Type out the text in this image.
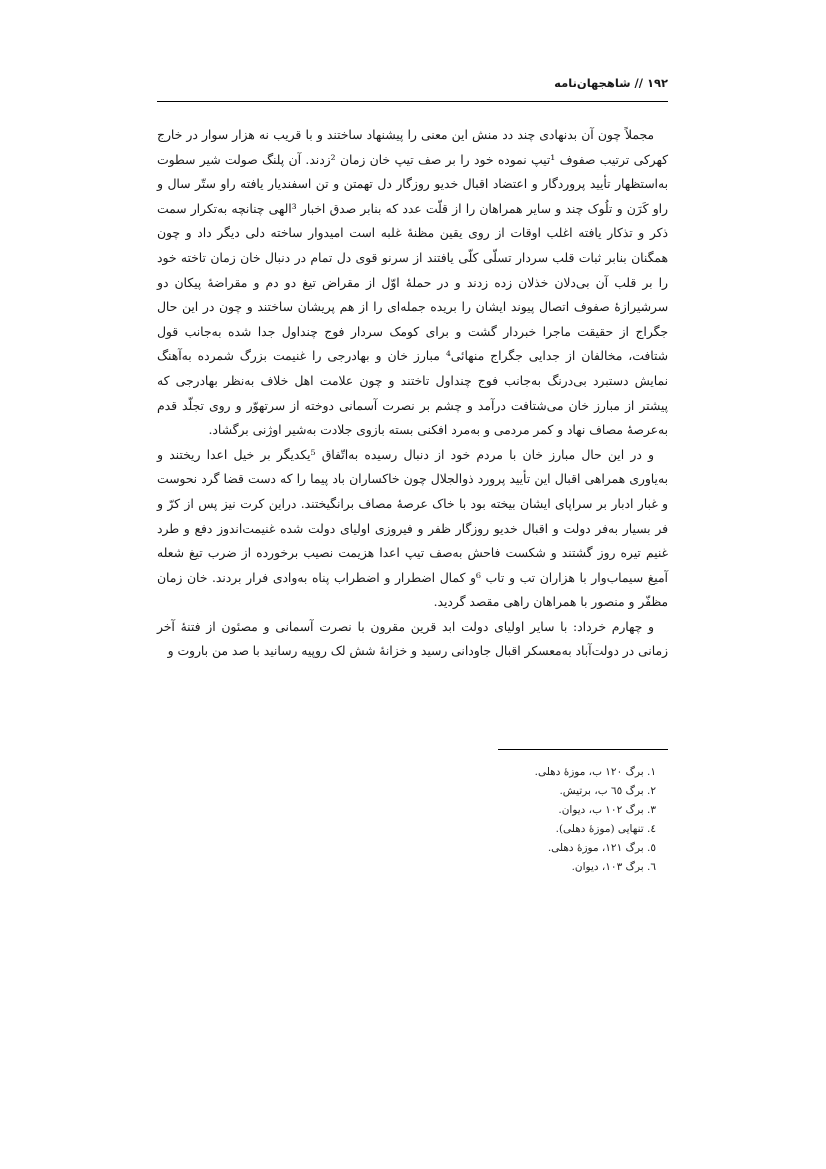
١٩٢ // شاهجهان‌نامه

مجملاً چون آن بدنهادی چند دد منش این معنی را پیشنهاد ساختند و با قریب نه هزار سوار در خارج کهرکی ترتیب صفوف ¹تیپ نموده خود را بر صف تیپ خان زمان ²زدند. آن پلنگ صولت شیر سطوت به‌استظهار تأیید پروردگار و اعتضاد اقبال خدیو روزگار دل تهمتن و تن اسفندیار یافته راو ستّر سال و راو کَرَن و تلُوک چند و سایر همراهان را از قلّت عدد که بنابر صدق اخبار ³الهی چنانچه به‌تکرار سمت ذکر و تذکار یافته اغلب اوقات از روی یقین مظنهٔ غلبه است امیدوار ساخته دلی دیگر داد و چون همگنان بنابر ثبات قلب سردار تسلّی کلّی یافتند از سرنو قوی دل تمام در دنبال خان زمان تاخته خود را بر قلب آن بی‌دلان خذلان زده زدند و در حملهٔ اوّل از مقراض تیغ دو دم و مقراضهٔ پیکان دو سرشیرازهٔ صفوف اتصال پیوند ایشان را بریده جمله‌ای را از هم پریشان ساختند و چون در این حال جگراج از حقیقت ماجرا خبردار گشت و برای کومک سردار فوج چنداول جدا شده به‌جانب قول شتافت، مخالفان از جدایی جگراج منهائی⁴ مبارز خان و بهادرجی را غنیمت بزرگ شمرده به‌آهنگ نمایش دستبرد بی‌درنگ به‌جانب فوج چنداول تاختند و چون علامت اهل خلاف به‌نظر بهادرجی که پیشتر از مبارز خان می‌شتافت درآمد و چشم بر نصرت آسمانی دوخته از سرتهوّر و روی تجلّد قدم به‌عرصهٔ مصاف نهاد و کمر مردمی و به‌مرد افکنی بسته بازوی جلادت به‌شیر اوژنی برگشاد.

و در این حال مبارز خان با مردم خود از دنبال رسیده به‌اتّفاق ⁵یکدیگر بر خیل اعدا ریختند و به‌یاوری همراهی اقبال این تأیید پرورد ذوالجلال چون خاکساران باد پیما را که دست قضا گرد نحوست و غبار ادبار بر سراپای ایشان بیخته بود با خاک عرصهٔ مصاف برانگیختند. دراین کرت نیز پس از کرّ و فر بسیار به‌فر دولت و اقبال خدیو روزگار ظفر و فیروزی اولیای دولت شده غنیمت‌اندوز دفع و طرد غنیم تیره روز گشتند و شکست فاحش به‌صف تیپ اعدا هزیمت نصیب برخورده از ضرب تیغ شعله آمیغ سیماب‌وار با هزاران تب و تاب ⁶و کمال اضطرار و اضطراب پناه به‌وادی فرار بردند. خان زمان مظفّر و منصور با همراهان راهی مقصد گردید.

و چهارم خرداد: با سایر اولیای دولت ابد قرین مقرون با نصرت آسمانی و مصئون از فتنهٔ آخر زمانی در دولت‌آباد به‌معسکر اقبال جاودانی رسید و خزانهٔ شش لک روپیه رسانید با صد من باروت و

١. برگ ١٢٠ ب، موزهٔ دهلی.

٢. برگ ٦٥ ب، برتیش.

٣. برگ ١٠٢ ب، دیوان.

٤. تنهایی (موزهٔ دهلی).

٥. برگ ١٢١، موزهٔ دهلی.

٦. برگ ١٠٣، دیوان.
